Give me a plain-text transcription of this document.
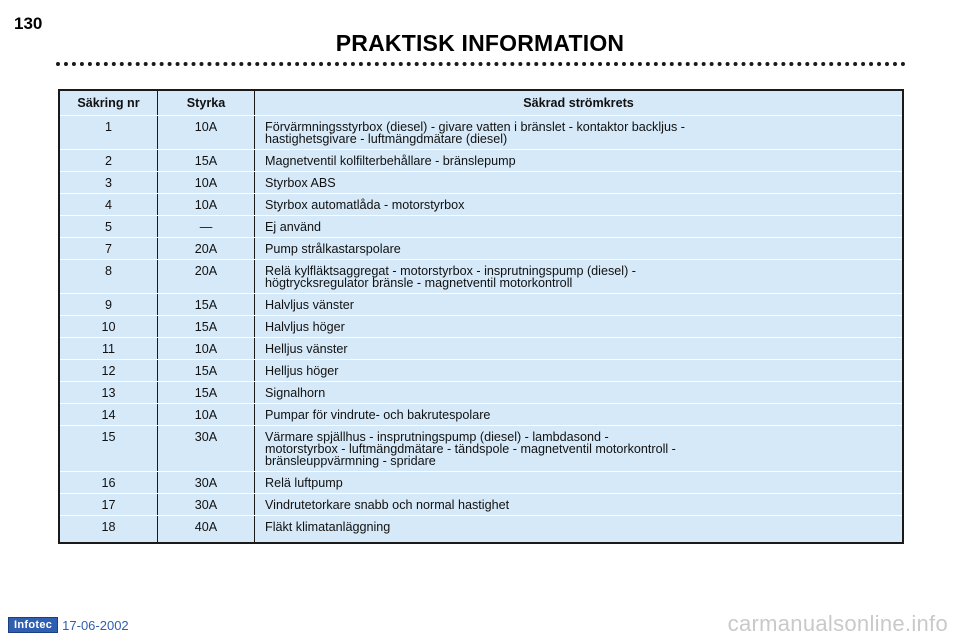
130
PRAKTISK INFORMATION
Säkring nr	Styrka	Säkrad strömkrets
1	10A	Förvärmningsstyrbox (diesel) - givare vatten i bränslet - kontaktor backljus -
hastighetsgivare - luftmängdmätare (diesel)

2	15A	Magnetventil kolfilterbehållare - bränslepump

3	10A	Styrbox ABS

4	10A	Styrbox automatlåda - motorstyrbox

5	—	Ej använd

7	20A	Pump strålkastarspolare

8	20A	Relä kylfläktsaggregat - motorstyrbox - insprutningspump (diesel) -
högtrycksregulator bränsle - magnetventil motorkontroll

9	15A	Halvljus vänster

10	15A	Halvljus höger

11	10A	Helljus vänster

12	15A	Helljus höger

13	15A	Signalhorn

14	10A	Pumpar för vindrute- och bakrutespolare

15	30A	Värmare spjällhus - insprutningspump (diesel) - lambdasond -
motorstyrbox - luftmängdmätare - tändspole - magnetventil motorkontroll -
bränsleuppvärmning - spridare

16	30A	Relä luftpump

17	30A	Vindrutetorkare snabb och normal hastighet

18	40A	Fläkt klimatanläggning
Infotec 17-06-2002	carmanualsonline.info
